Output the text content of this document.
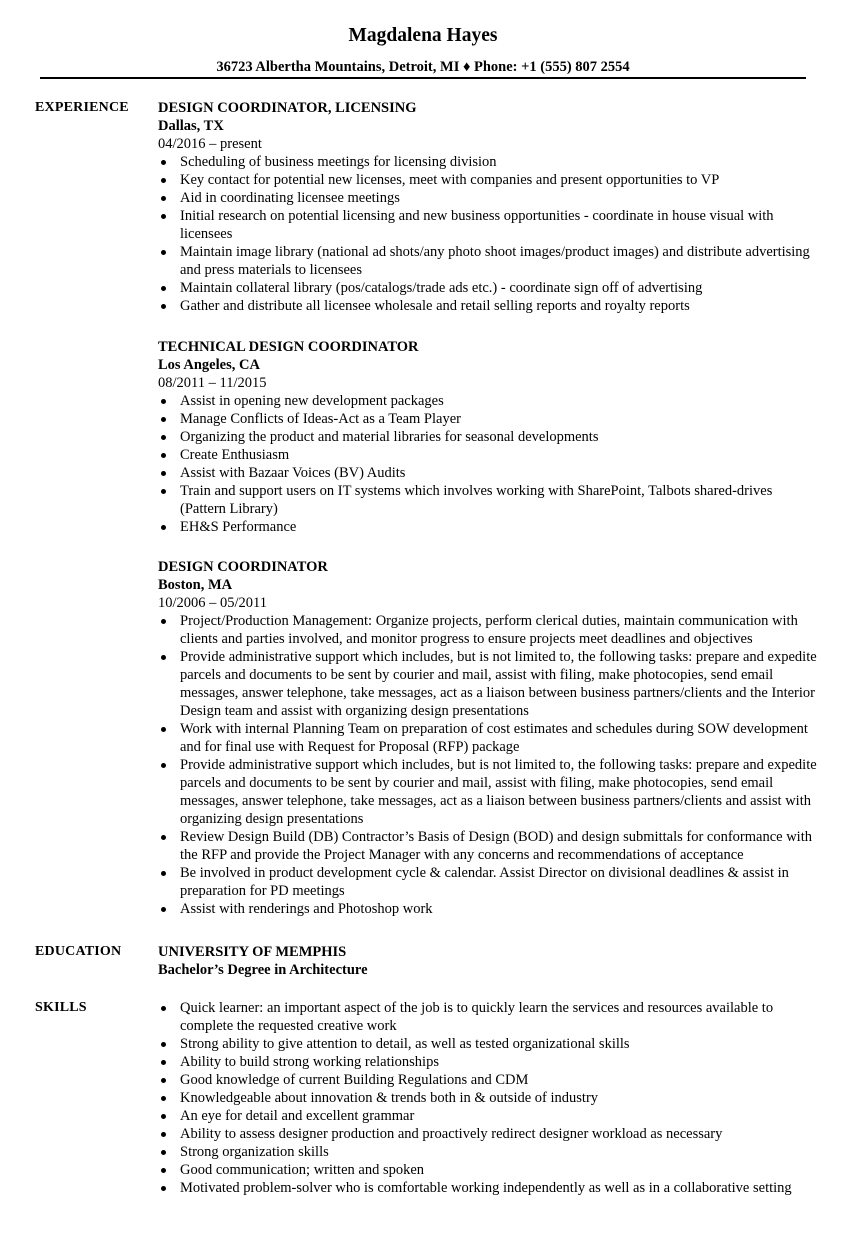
Magdalena Hayes
36723 Albertha Mountains, Detroit, MI ♦ Phone: +1 (555) 807 2554
EXPERIENCE DESIGN COORDINATOR, LICENSING
Dallas, TX
04/2016 – present
Scheduling of business meetings for licensing division
Key contact for potential new licenses, meet with companies and present opportunities to VP
Aid in coordinating licensee meetings
Initial research on potential licensing and new business opportunities - coordinate in house visual with licensees
Maintain image library (national ad shots/any photo shoot images/product images) and distribute advertising and press materials to licensees
Maintain collateral library (pos/catalogs/trade ads etc.) - coordinate sign off of advertising
Gather and distribute all licensee wholesale and retail selling reports and royalty reports
TECHNICAL DESIGN COORDINATOR
Los Angeles, CA
08/2011 – 11/2015
Assist in opening new development packages
Manage Conflicts of Ideas-Act as a Team Player
Organizing the product and material libraries for seasonal developments
Create Enthusiasm
Assist with Bazaar Voices (BV) Audits
Train and support users on IT systems which involves working with SharePoint, Talbots shared-drives (Pattern Library)
EH&S Performance
DESIGN COORDINATOR
Boston, MA
10/2006 – 05/2011
Project/Production Management: Organize projects, perform clerical duties, maintain communication with clients and parties involved, and monitor progress to ensure projects meet deadlines and objectives
Provide administrative support which includes, but is not limited to, the following tasks: prepare and expedite parcels and documents to be sent by courier and mail, assist with filing, make photocopies, send email messages, answer telephone, take messages, act as a liaison between business partners/clients and the Interior Design team and assist with organizing design presentations
Work with internal Planning Team on preparation of cost estimates and schedules during SOW development and for final use with Request for Proposal (RFP) package
Provide administrative support which includes, but is not limited to, the following tasks: prepare and expedite parcels and documents to be sent by courier and mail, assist with filing, make photocopies, send email messages, answer telephone, take messages, act as a liaison between business partners/clients and assist with organizing design presentations
Review Design Build (DB) Contractor’s Basis of Design (BOD) and design submittals for conformance with the RFP and provide the Project Manager with any concerns and recommendations of acceptance
Be involved in product development cycle & calendar. Assist Director on divisional deadlines & assist in preparation for PD meetings
Assist with renderings and Photoshop work
EDUCATION	UNIVERSITY OF MEMPHIS
Bachelor’s Degree in Architecture
SKILLS	Quick learner: an important aspect of the job is to quickly learn the services and resources available to complete the requested creative work
Strong ability to give attention to detail, as well as tested organizational skills
Ability to build strong working relationships
Good knowledge of current Building Regulations and CDM
Knowledgeable about innovation & trends both in & outside of industry
An eye for detail and excellent grammar
Ability to assess designer production and proactively redirect designer workload as necessary
Strong organization skills
Good communication; written and spoken
Motivated problem-solver who is comfortable working independently as well as in a collaborative setting
